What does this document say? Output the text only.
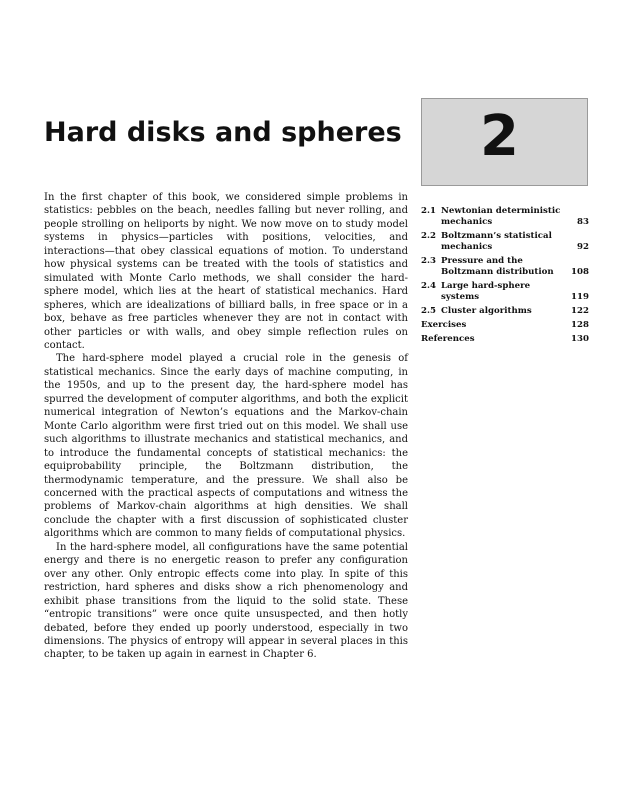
2
Hard disks and spheres

In the first chapter of this book, we considered simple problems in statistics: pebbles on the beach, needles falling but never rolling, and people strolling on heliports by night. We now move on to study model systems in physics—particles with positions, velocities, and interactions—that obey classical equations of motion. To understand how physical systems can be treated with the tools of statistics and simulated with Monte Carlo methods, we shall consider the hard-sphere model, which lies at the heart of statistical mechanics. Hard spheres, which are idealizations of billiard balls, in free space or in a box, behave as free particles whenever they are not in contact with other particles or with walls, and obey simple reflection rules on contact.

The hard-sphere model played a crucial role in the genesis of statistical mechanics. Since the early days of machine computing, in the 1950s, and up to the present day, the hard-sphere model has spurred the development of computer algorithms, and both the explicit numerical integration of Newton’s equations and the Markov-chain Monte Carlo algorithm were first tried out on this model. We shall use such algorithms to illustrate mechanics and statistical mechanics, and to introduce the fundamental concepts of statistical mechanics: the equiprobability principle, the Boltzmann distribution, the thermodynamic temperature, and the pressure. We shall also be concerned with the practical aspects of computations and witness the problems of Markov-chain algorithms at high densities. We shall conclude the chapter with a first discussion of sophisticated cluster algorithms which are common to many fields of computational physics.

In the hard-sphere model, all configurations have the same potential energy and there is no energetic reason to prefer any configuration over any other. Only entropic effects come into play. In spite of this restriction, hard spheres and disks show a rich phenomenology and exhibit phase transitions from the liquid to the solid state. These “entropic transitions” were once quite unsuspected, and then hotly debated, before they ended up poorly understood, especially in two dimensions. The physics of entropy will appear in several places in this chapter, to be taken up again in earnest in Chapter 6.

2.1 Newtonian deterministic
mechanics	83
2.2 Boltzmann’s statistical
mechanics	92
2.3 Pressure and the
Boltzmann distribution	108
2.4 Large hard-sphere
systems	119
2.5 Cluster algorithms	122
Exercises	128
References	130
